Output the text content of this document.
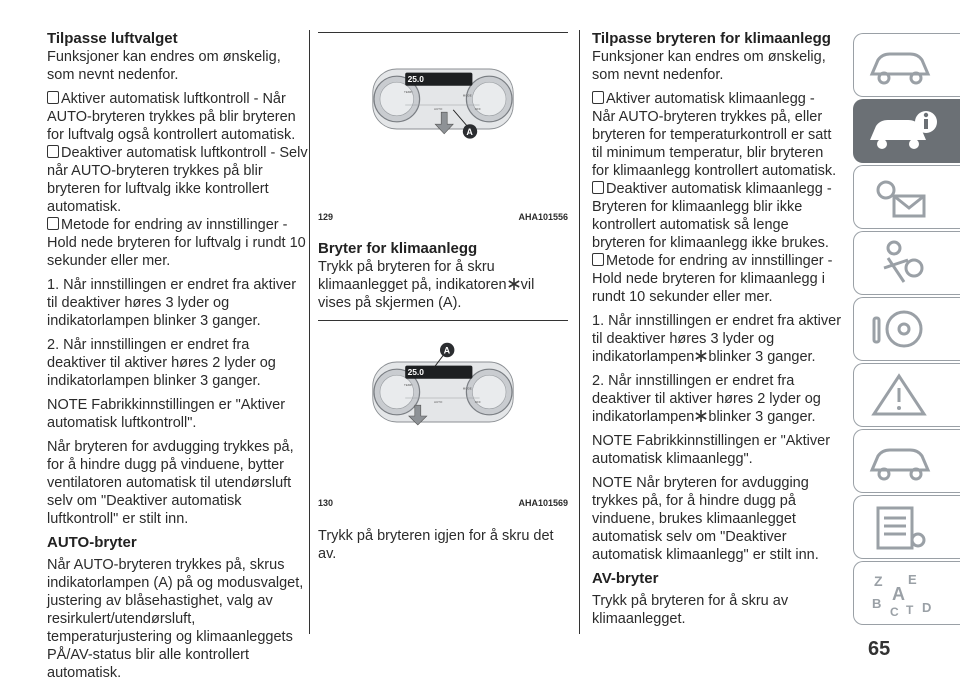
Tilpasse luftvalget

Funksjoner kan endres om ønskelig, som nevnt nedenfor.

Aktiver automatisk luftkontroll - Når AUTO-bryteren trykkes på blir bryteren for luftvalg også kontrollert automatisk.

Deaktiver automatisk luftkontroll - Selv når AUTO-bryteren trykkes på blir bryteren for luftvalg ikke kontrollert automatisk.

Metode for endring av innstillinger - Hold nede bryteren for luftvalg i rundt 10 sekunder eller mer.

1. Når innstillingen er endret fra aktiver til deaktiver høres 3 lyder og indikatorlampen blinker 3 ganger.

2. Når innstillingen er endret fra deaktiver til aktiver høres 2 lyder og indikatorlampen blinker 3 ganger.

NOTE Fabrikkinnstillingen er "Aktiver automatisk luftkontroll".

Når bryteren for avdugging trykkes på, for å hindre dugg på vinduene, bytter ventilatoren automatisk til utendørsluft selv om "Deaktiver automatisk luftkontroll" er stilt inn.

AUTO-bryter

Når AUTO-bryteren trykkes på, skrus indikatorlampen (A) på og modusvalget, justering av blåsehastighet, valg av resirkulert/utendørsluft, temperaturjustering og klimaanleggets PÅ/AV-status blir alle kontrollert automatisk.

25.0
TEMP
MODE
AUTO	OFF
A
129	AHA101556
Bryter for klimaanlegg

Trykk på bryteren for å skru klimaanlegget på, indikatoren vil vises på skjermen (A).

25.0
TEMP
MODE
AUTO	OFF
A
130	AHA101569

Trykk på bryteren igjen for å skru det av.

Tilpasse bryteren for klimaanlegg

Funksjoner kan endres om ønskelig, som nevnt nedenfor.

Aktiver automatisk klimaanlegg - Når AUTO-bryteren trykkes på, eller bryteren for temperaturkontroll er satt til minimum temperatur, blir bryteren for klimaanlegg kontrollert automatisk.

Deaktiver automatisk klimaanlegg - Bryteren for klimaanlegg blir ikke kontrollert automatisk så lenge bryteren for klimaanlegg ikke brukes.

Metode for endring av innstillinger - Hold nede bryteren for klimaanlegg i rundt 10 sekunder eller mer.

1. Når innstillingen er endret fra aktiver til deaktiver høres 3 lyder og indikatorlampen blinker 3 ganger.

2. Når innstillingen er endret fra deaktiver til aktiver høres 2 lyder og indikatorlampen blinker 3 ganger.

NOTE Fabrikkinnstillingen er "Aktiver automatisk klimaanlegg".

NOTE Når bryteren for avdugging trykkes på, for å hindre dugg på vinduene, brukes klimaanlegget automatisk selv om "Deaktiver automatisk klimaanlegg" er stilt inn.

AV-bryter

Trykk på bryteren for å skru av klimaanlegget.

Z E
B A
C T D
65
